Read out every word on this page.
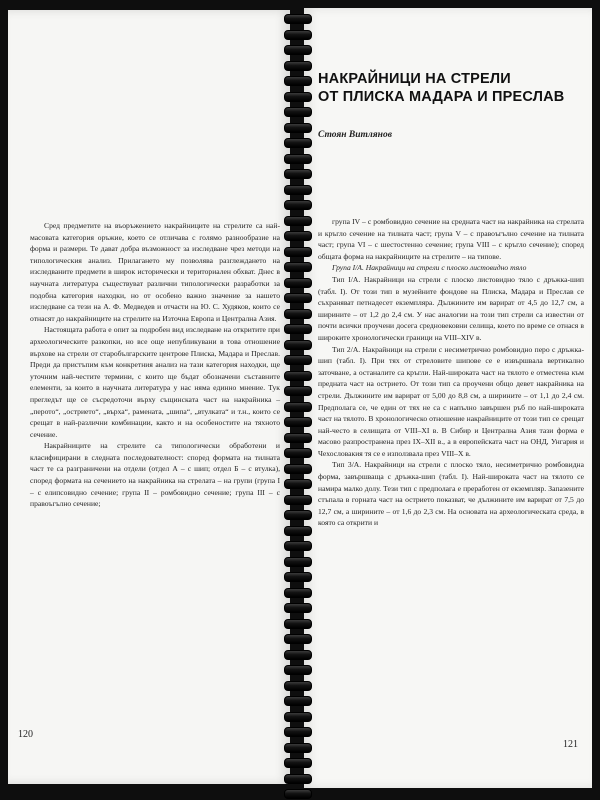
Сред предметите на въоръжението накрайниците на стрелите са най-масовата категория оръжие, което се отличава с голямо разнообразие на форма и размери. Те дават добра възможност за изследване чрез методи на типологическия анализ. Прилагането му позволява разглеждането на изследваните предмети в широк исторически и териториален обхват. Днес в научната литература съществуват различни типологически разработки за подобна категория находки, но от особено важно значение за нашето изследване са тези на А. Ф. Медведев и отчасти на Ю. С. Худяков, които се отнасят до накрайниците на стрелите на Източна Европа и Централна Азия.

Настоящата работа е опит за подробен вид изследване на откритите при археологическите разкопки, но все още непубликувани в това отношение върхове на стрели от старобългарските центрове Плиска, Мадара и Преслав. Преди да пристъпим към конкретния анализ на тази категория находки, ще уточним най-честите термини, с които ще бъдат обозначени съставните елементи, за които в научната литература у нас няма единно мнение. Тук прегледът ще се съсредоточи върху същинската част на накрайника – „перото“, „острието“, „върха“, рамената, „шипа“, „втулката“ и т.н., които се срещат в най-различни комбинации, както и на особеностите на тяхното сечение.

Накрайниците на стрелите са типологически обработени и класифицирани в следната последователност: според формата на тилната част те са разграничени на отдели (отдел А – с шип; отдел Б – с втулка), според формата на сечението на накрайника на стрелата – на групи (група I – с елипсовидно сечение; група II – ромбовидно сечение; група III – с правоъгълно сечение;

120
НАКРАЙНИЦИ НА СТРЕЛИ
ОТ ПЛИСКА МАДАРА И ПРЕСЛАВ
Стоян Витлянов

група IV – с ромбовидно сечение на средната част на накрайника на стрелата и кръгло сечение на тилната част; група V – с правоъгълно сечение на тилната част; група VI – с шестостенно сечение; група VIII – с кръгло сечение); според общата форма на накрайниците на стрелите – на типове.

Група I/А. Накрайници на стрели с плоско листовидно тяло

Тип I/А. Накрайници на стрели с плоско листовидно тяло с дръжка-шип (табл. I). От този тип в музейните фондове на Плиска, Мадара и Преслав се съхраняват петнадесет екземпляра. Дължините им варират от 4,5 до 12,7 см, а ширините – от 1,2 до 2,4 см. У нас аналогии на този тип стрели са известни от почти всички проучени досега средновековни селища, което по време се отнася в широките хронологически граници на VIII–XIV в.

Тип 2/А. Накрайници на стрели с несиметрично ромбовидно перо с дръжка-шип (табл. I). При тях от стреловите шипове се е извършвала вертикално заточване, а останалите са кръгли. Най-широката част на тялото е отместена към предната част на острието. От този тип са проучени общо девет накрайника на стрели. Дължините им варират от 5,00 до 8,8 см, а ширините – от 1,1 до 2,4 см. Предполага се, че един от тях не са с напълно завършен ръб по най-широката част на тялото. В хронологическо отношение накрайниците от този тип се срещат най-често в селищата от VIII–XI в. В Сибир и Централна Азия тази форма е масово разпространена през IX–XII в., а в европейската част на ОНД, Унгария и Чехословакия тя се е използвала през VIII–X в.

Тип 3/А. Накрайници на стрели с плоско тяло, несиметрично ромбовидна форма, завършваща с дръжка-шип (табл. I). Най-широката част на тялото се намира малко долу. Тези тип с предполага е преработен от екземпляр. Запазените стъпала в горната част на острието показват, че дължините им варират от 7,5 до 12,7 см, а ширините – от 1,6 до 2,3 см. На основата на археологическата среда, в която са открити и

121
